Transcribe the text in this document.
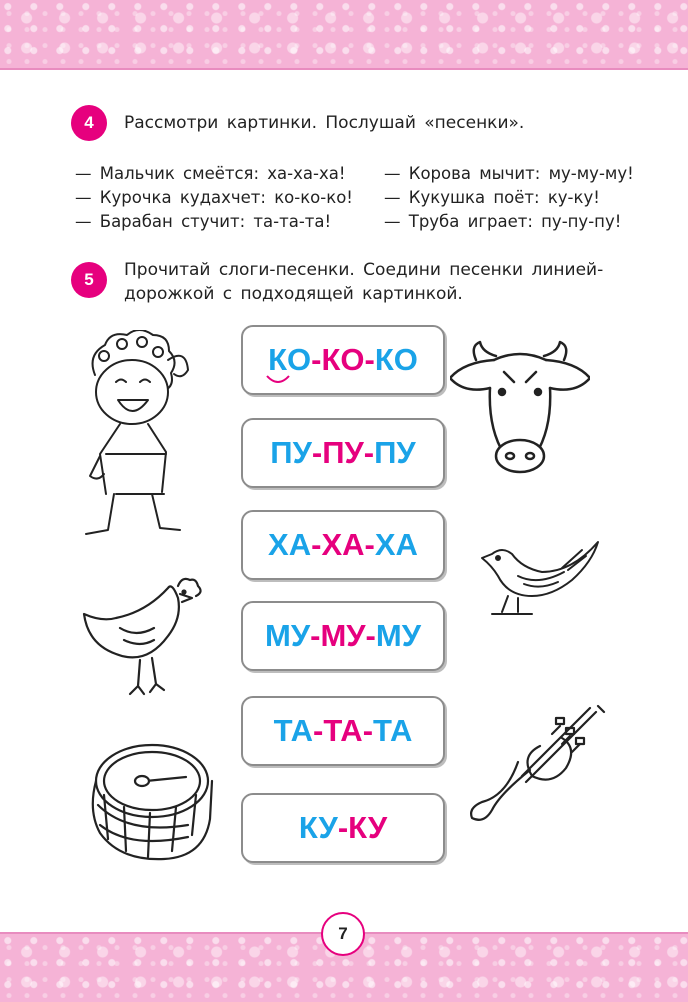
4	Рассмотри картинки. Послушай «песенки».
— Мальчик смеётся: ха-ха-ха!
— Курочка кудахчет: ко-ко-ко!
— Барабан стучит: та-та-та!
— Корова мычит: му-му-му!
— Кукушка поёт: ку-ку!
— Труба играет: пу-пу-пу!
5	Прочитай слоги-песенки. Соедини песенки линией-
дорожкой с подходящей картинкой.
КО - КО - КО
ПУ - ПУ - ПУ
ХА - ХА - ХА
МУ - МУ - МУ
ТА - ТА - ТА
КУ - КУ
7
